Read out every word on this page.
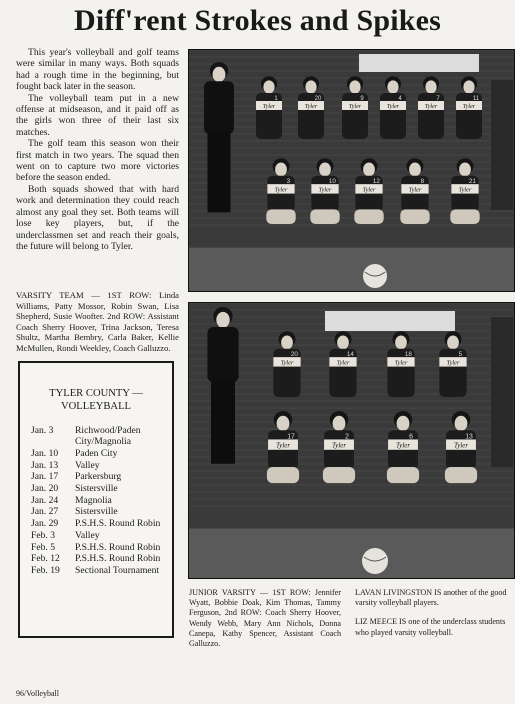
Diff'rent Strokes and Spikes

This year's volleyball and golf teams were similar in many ways. Both squads had a rough time in the beginning, but fought back later in the season.

The volleyball team put in a new offense at midseason, and it paid off as the girls won three of their last six matches.

The golf team this season won their first match in two years. The squad then went on to capture two more victories before the season ended.

Both squads showed that with hard work and determination they could reach almost any goal they set. Both teams will lose key players, but, if the underclassmen set and reach their goals, the future will belong to Tyler.

VARSITY TEAM — 1ST ROW: Linda Williams, Patty Mossor, Robin Swan, Lisa Shepherd, Susie Woofter. 2nd ROW: Assistant Coach Sherry Hoover, Trina Jackson, Teresa Shultz, Martha Bembry, Carla Baker, Kellie McMullen, Rondi Weekley, Coach Galluzzo.
TYLER COUNTY —
VOLLEYBALL
Jan. 3	Richwood/Paden City/Magnolia
Jan. 10	Paden City
Jan. 13	Valley
Jan. 17	Parkersburg
Jan. 20	Sistersville
Jan. 24	Magnolia
Jan. 27	Sistersville
Jan. 29	P.S.H.S. Round Robin
Feb. 3	Valley
Feb. 5	P.S.H.S. Round Robin
Feb. 12	P.S.H.S. Round Robin
Feb. 19	Sectional Tournament
Tyler
1
Tyler
20
Tyler
9
Tyler
4
Tyler
7
Tyler
11
Tyler
3
Tyler
10
Tyler
12
Tyler
8
Tyler
21
Tyler
20
Tyler
14
Tyler
18
Tyler
5
Tyler
17
Tyler
2
Tyler
6
Tyler
13
JUNIOR VARSITY — 1ST ROW: Jennifer Wyatt, Bobbie Doak, Kim Thomas, Tammy Ferguson, 2nd ROW: Coach Sherry Hoover, Wendy Webb, Mary Ann Nichols, Donna Canepa, Kathy Spencer, Assistant Coach Galluzzo.

LAVAN LIVINGSTON IS another of the good varsity volleyball players.

LIZ MEECE IS one of the underclass students who played varsity volleyball.

96/Volleyball
